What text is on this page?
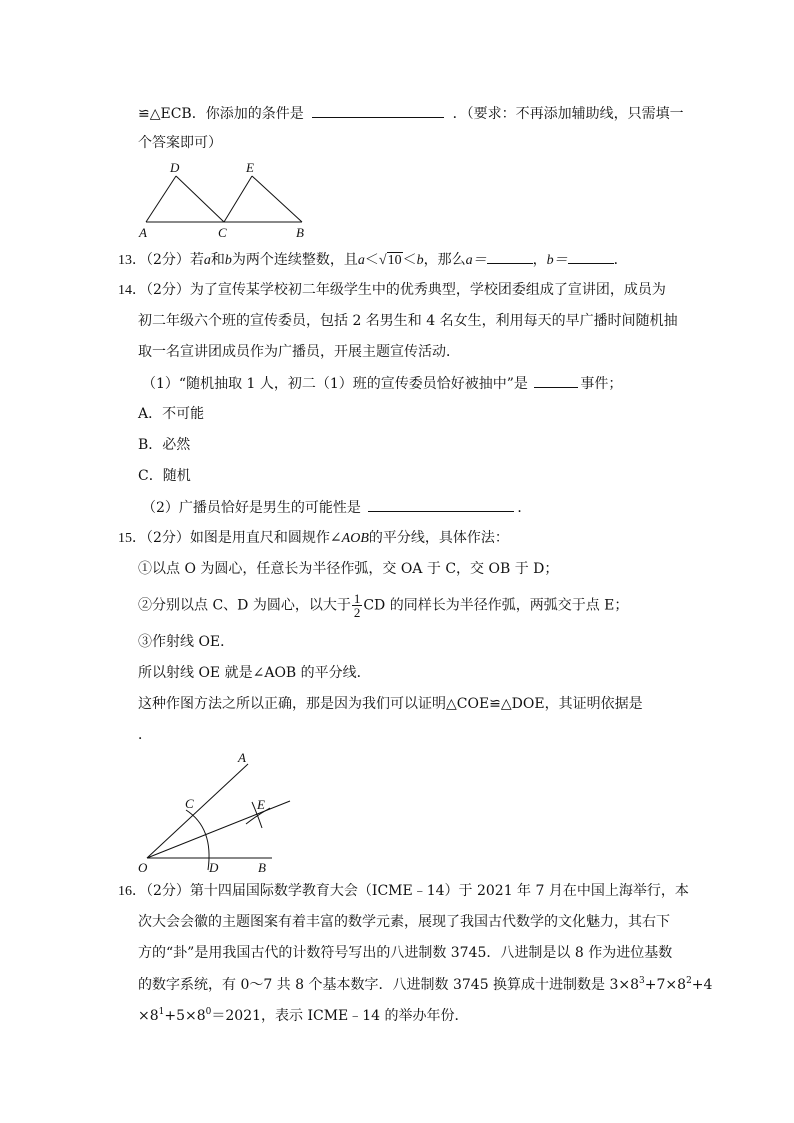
≌△ECB．你添加的条件是	．（要求：不再添加辅助线，只需填一
个答案即可）
D	E
A	C	B
13．（2分）若a和b为两个连续整数，且a＜√10＜b，那么a＝	，b＝	．
14．（2分）为了宣传某学校初二年级学生中的优秀典型，学校团委组成了宣讲团，成员为
初二年级六个班的宣传委员，包括 2 名男生和 4 名女生，利用每天的早广播时间随机抽
取一名宣讲团成员作为广播员，开展主题宣传活动．
（1）“随机抽取 1 人，初二（1）班的宣传委员恰好被抽中”是	事件；
A．不可能
B．必然
C．随机
（2）广播员恰好是男生的可能性是	．
15．（2分）如图是用直尺和圆规作∠AOB的平分线，具体作法：
①以点 O 为圆心，任意长为半径作弧，交 OA 于 C，交 OB 于 D；
②分别以点 C、D 为圆心，以大于 $\frac{1}{2}$ CD 的同样长为半径作弧，两弧交于点 E；
③作射线 OE．
所以射线 OE 就是∠AOB 的平分线．
这种作图方法之所以正确，那是因为我们可以证明△COE≌△DOE，其证明依据是
．
A
C	E
O	D	B
16．（2分）第十四届国际数学教育大会（ICME﹣14）于 2021 年 7 月在中国上海举行，本
次大会会徽的主题图案有着丰富的数学元素，展现了我国古代数学的文化魅力，其右下
方的“卦”是用我国古代的计数符号写出的八进制数 3745．八进制是以 8 作为进位基数
的数字系统，有 0～7 共 8 个基本数字．八进制数 3745 换算成十进制数是 $3\times 8^3+7\times 8^2+4$
$\times 8^1+5\times 8^0=2021$，表示 ICME﹣14 的举办年份．
